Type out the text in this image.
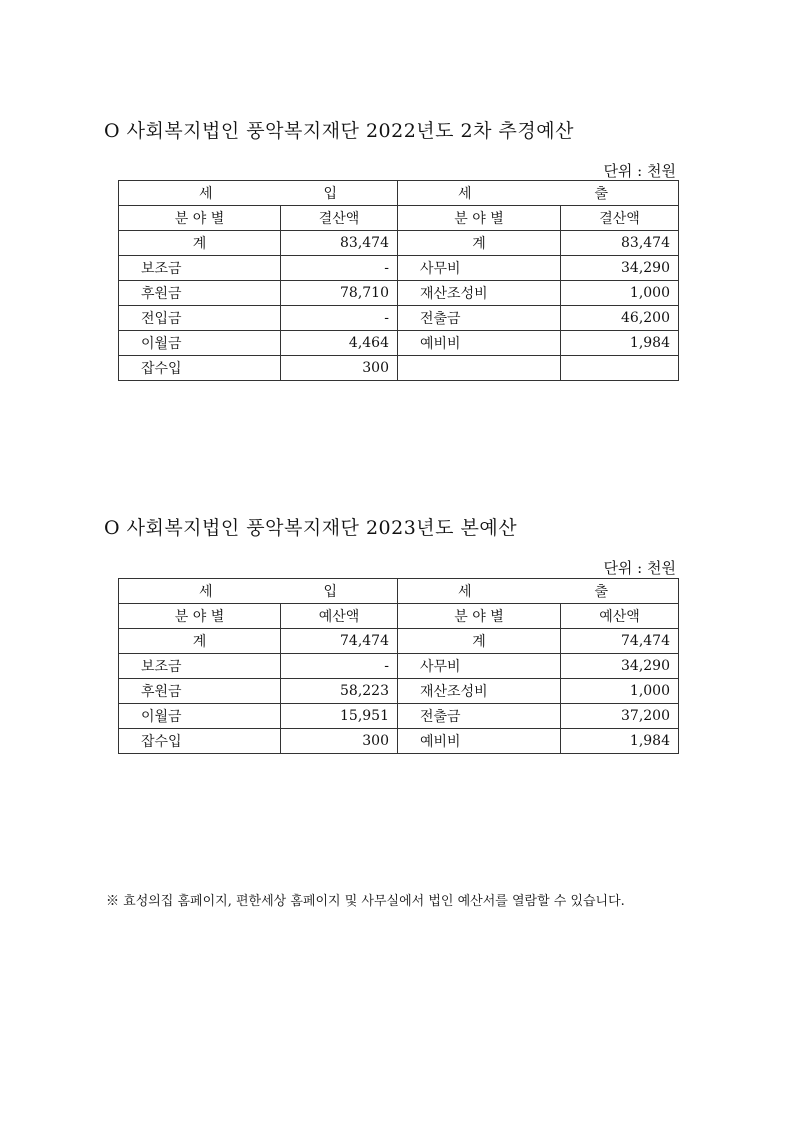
O 사회복지법인 풍악복지재단 2022년도 2차 추경예산
단위 : 천원
세 입		세 출	

분 야 별	결산액	분 야 별	결산액
계	83,474	계	83,474
보조금	-	사무비	34,290
후원금	78,710	재산조성비	1,000
전입금	-	전출금	46,200
이월금	4,464	예비비	1,984
잡수입	300		
O 사회복지법인 풍악복지재단 2023년도 본예산
단위 : 천원
세 입		세 출	

분 야 별	예산액	분 야 별	예산액
계	74,474	계	74,474
보조금	-	사무비	34,290
후원금	58,223	재산조성비	1,000
이월금	15,951	전출금	37,200
잡수입	300	예비비	1,984
※ 효성의집 홈페이지, 편한세상 홈페이지 및 사무실에서 법인 예산서를 열람할 수 있습니다.
